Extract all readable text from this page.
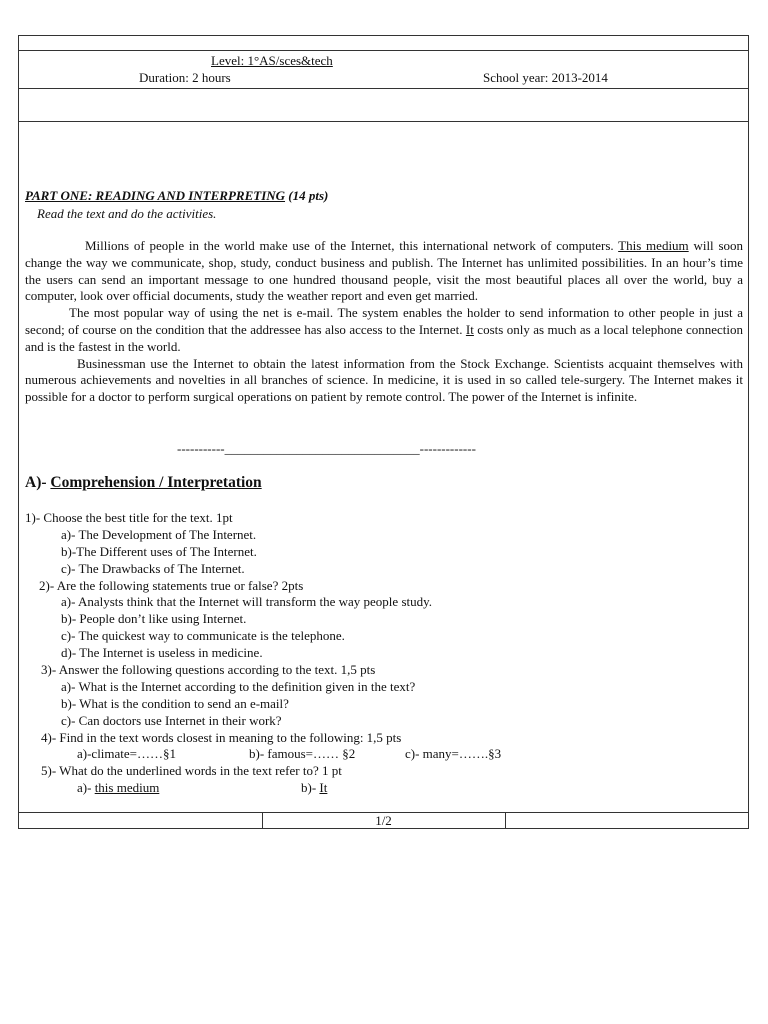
Level: 1°AS/sces&tech
Duration: 2 hours	School year: 2013-2014
PART ONE: READING AND INTERPRETING (14 pts)
Read the text and do the activities.

Millions of people in the world make use of the Internet, this international network of computers. This medium will soon change the way we communicate, shop, study, conduct business and publish. The Internet has unlimited possibilities. In an hour’s time the users can send an important message to one hundred thousand people, visit the most beautiful places all over the world, buy a computer, look over official documents, study the weather report and even get married.

The most popular way of using the net is e-mail. The system enables the holder to send information to other people in just a second; of course on the condition that the addressee has also access to the Internet. It costs only as much as a local telephone connection and is the fastest in the world.

Businessman use the Internet to obtain the latest information from the Stock Exchange. Scientists acquaint themselves with numerous achievements and novelties in all branches of science. In medicine, it is used in so called tele-surgery. The Internet makes it possible for a doctor to perform surgical operations on patient by remote control. The power of the Internet is infinite.

-----------______________________________-------------
A)- Comprehension / Interpretation
1)- Choose the best title for the text. 1pt
a)- The Development of The Internet.
b)-The Different uses of The Internet.
c)- The Drawbacks of The Internet.
2)- Are the following statements true or false? 2pts
a)- Analysts think that the Internet will transform the way people study.
b)- People don’t like using Internet.
c)- The quickest way to communicate is the telephone.
d)- The Internet is useless in medicine.
3)- Answer the following questions according to the text. 1,5 pts
a)- What is the Internet according to the definition given in the text?
b)- What is the condition to send an e-mail?
c)- Can doctors use Internet in their work?
4)- Find in the text words closest in meaning to the following: 1,5 pts
a)-climate=……§1	b)- famous=…… §2	c)- many=…….§3
5)- What do the underlined words in the text refer to? 1 pt
a)- this medium	b)- It
1/2
